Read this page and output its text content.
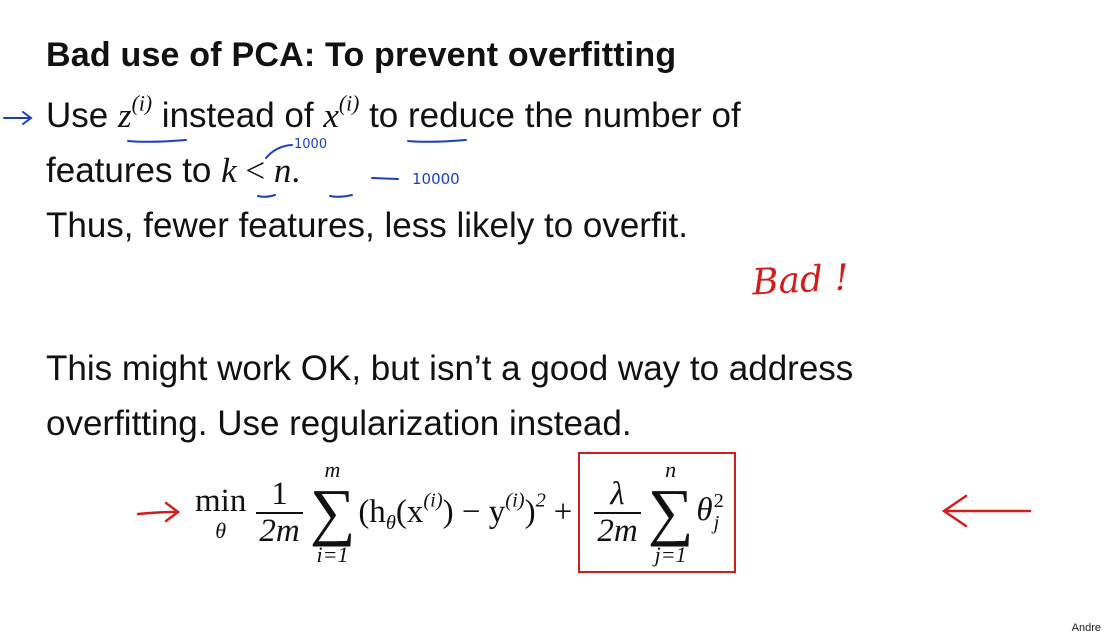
Bad use of PCA: To prevent overfitting
Use $z^{(i)}$ instead of $x^{(i)}$ to reduce the number of
features to k < n.
Thus, fewer features, less likely to overfit.
This might work OK, but isn’t a good way to address
overfitting. Use regularization instead.
min
θ $\frac{1}{2m}$
m
∑
i=1
$(h_\theta(x^{(i)}) - y^{(i)})^2 + \frac{\lambda}{2m}$
n
∑
j=1
θ 2
j
1000
10000
Bad !
Andre
